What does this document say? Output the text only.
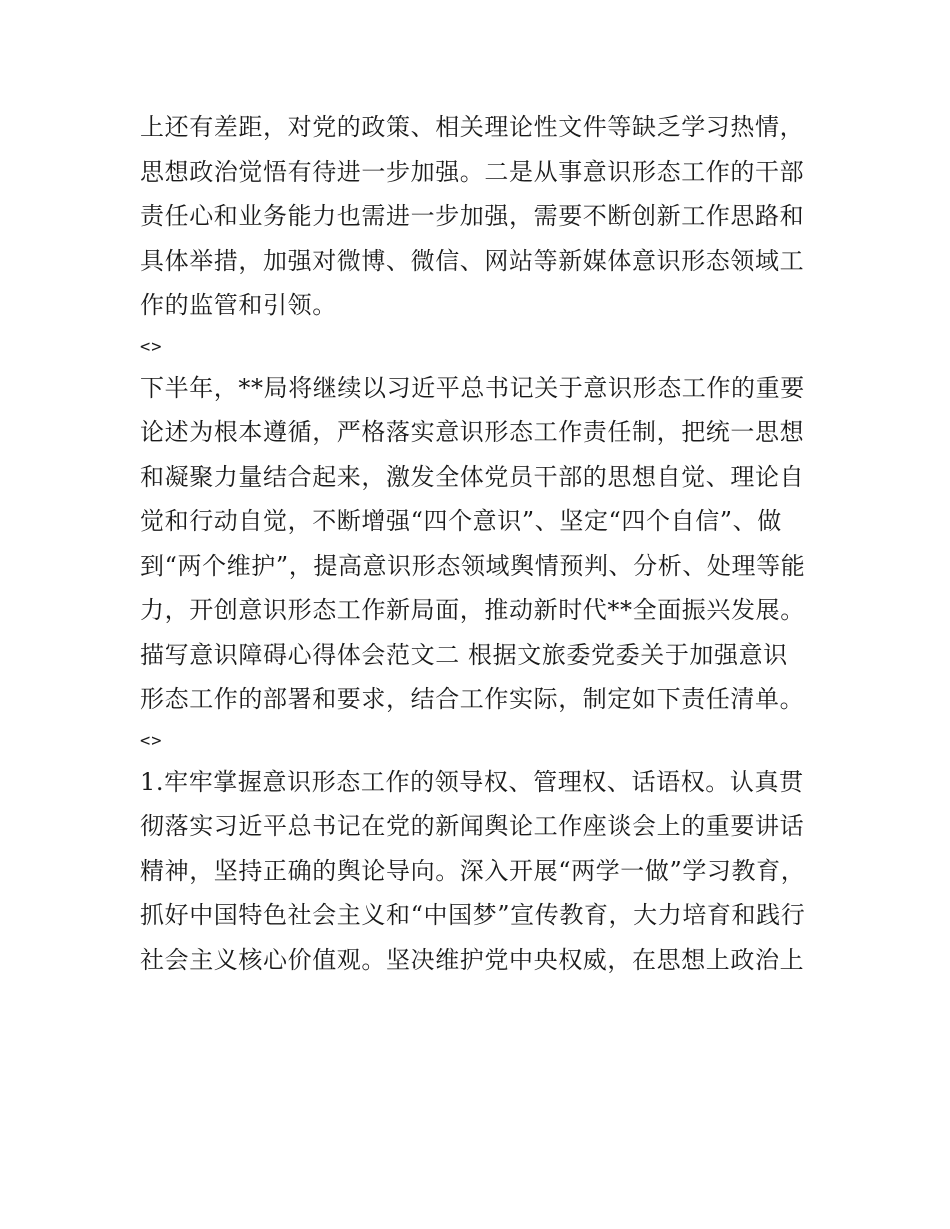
上还有差距，对党的政策、相关理论性文件等缺乏学习热情，
思想政治觉悟有待进一步加强。二是从事意识形态工作的干部
责任心和业务能力也需进一步加强，需要不断创新工作思路和
具体举措，加强对微博、微信、网站等新媒体意识形态领域工
作的监管和引领。
<>
下半年，**局将继续以习近平总书记关于意识形态工作的重要
论述为根本遵循，严格落实意识形态工作责任制，把统一思想
和凝聚力量结合起来，激发全体党员干部的思想自觉、理论自
觉和行动自觉，不断增强“四个意识”、坚定“四个自信”、做
到“两个维护”，提高意识形态领域舆情预判、分析、处理等能
力，开创意识形态工作新局面，推动新时代**全面振兴发展。
描写意识障碍心得体会范文二 根据文旅委党委关于加强意识
形态工作的部署和要求，结合工作实际，制定如下责任清单。
<>
1.牢牢掌握意识形态工作的领导权、管理权、话语权。认真贯
彻落实习近平总书记在党的新闻舆论工作座谈会上的重要讲话
精神，坚持正确的舆论导向。深入开展“两学一做”学习教育，
抓好中国特色社会主义和“中国梦”宣传教育，大力培育和践行
社会主义核心价值观。坚决维护党中央权威，在思想上政治上
